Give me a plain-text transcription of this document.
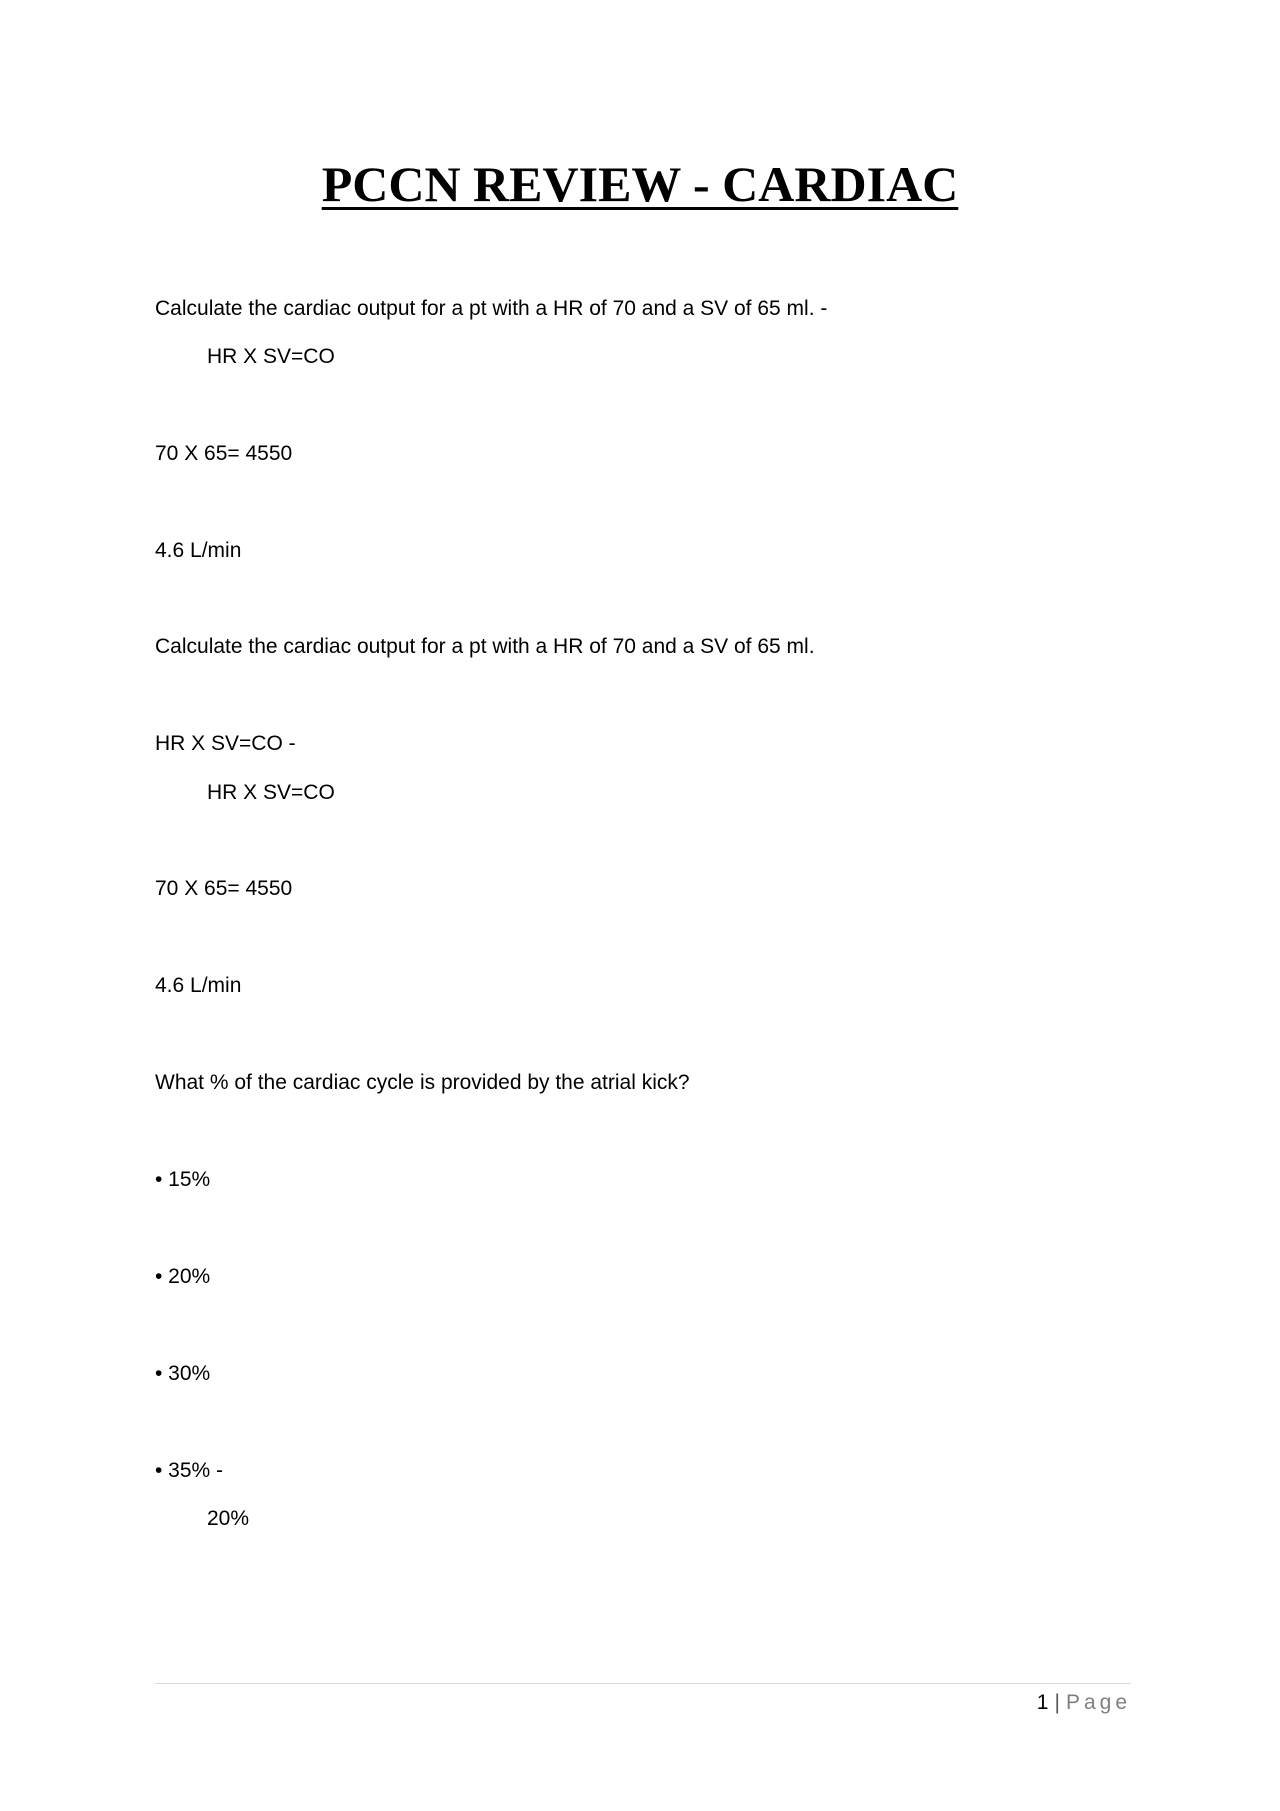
PCCN REVIEW - CARDIAC

Calculate the cardiac output for a pt with a HR of 70 and a SV of 65 ml. -

HR X SV=CO

70 X 65= 4550

4.6 L/min

Calculate the cardiac output for a pt with a HR of 70 and a SV of 65 ml.

HR X SV=CO -

HR X SV=CO

70 X 65= 4550

4.6 L/min

What % of the cardiac cycle is provided by the atrial kick?

• 15%

• 20%

• 30%

• 35% -

20%

1 | Page
